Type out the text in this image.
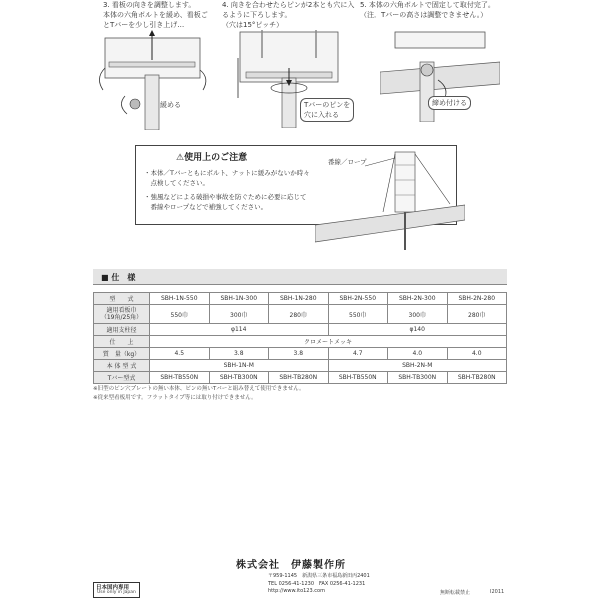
3. 看板の向きを調整します。
本体の六角ボルトを緩め、看板ご
とTバーを少し引き上げ…
4. 向きを合わせたらピンが2本とも穴に入
るように下ろします。
（穴は15°ピッチ）
5. 本体の六角ボルトで固定して取付完了。
（注．Tバーの高さは調整できません。）
緩める	Tバーのピンを
穴に入れる
締め付ける
⚠使用上のご注意
・本体／Tバーともにボルト、ナットに緩みがないか時々
　点検してください。
・強風などによる破損や事故を防ぐために必要に応じて
　番線やロープなどで補強してください。
番線／ロープ
■ 仕　様
型　　式	SBH-1N-550	SBH-1N-300	SBH-1N-280	SBH-2N-550	SBH-2N-300	SBH-2N-280
適用看板巾
（19角/25角）	550巾	300巾	280巾	550巾	300巾	280巾
適用支柱径	φ114			φ140		
仕　　上	クロメートメッキ					
質　量（kg）	4.5	3.8	3.8	4.7	4.0	4.0
本 体 型 式	SBH-1N-M			SBH-2N-M		
Tバー型式	SBH-TB550N	SBH-TB300N	SBH-TB280N	SBH-TB550N	SBH-TB300N	SBH-TB280N
※旧型のピン穴プレートの無い本体、ピンの無いTバーと組み替えて使用できません。
※従来型看板用です。フラットタイプ等には取り付けできません。
株式会社　伊藤製作所
〒959-1145　新潟県三条市福島新田丙2401
TEL 0256-41-1230　FAX 0256-41-1231
http://www.ito123.com
日本国内専用
Use only in Japan	無断転載禁止	I2011
